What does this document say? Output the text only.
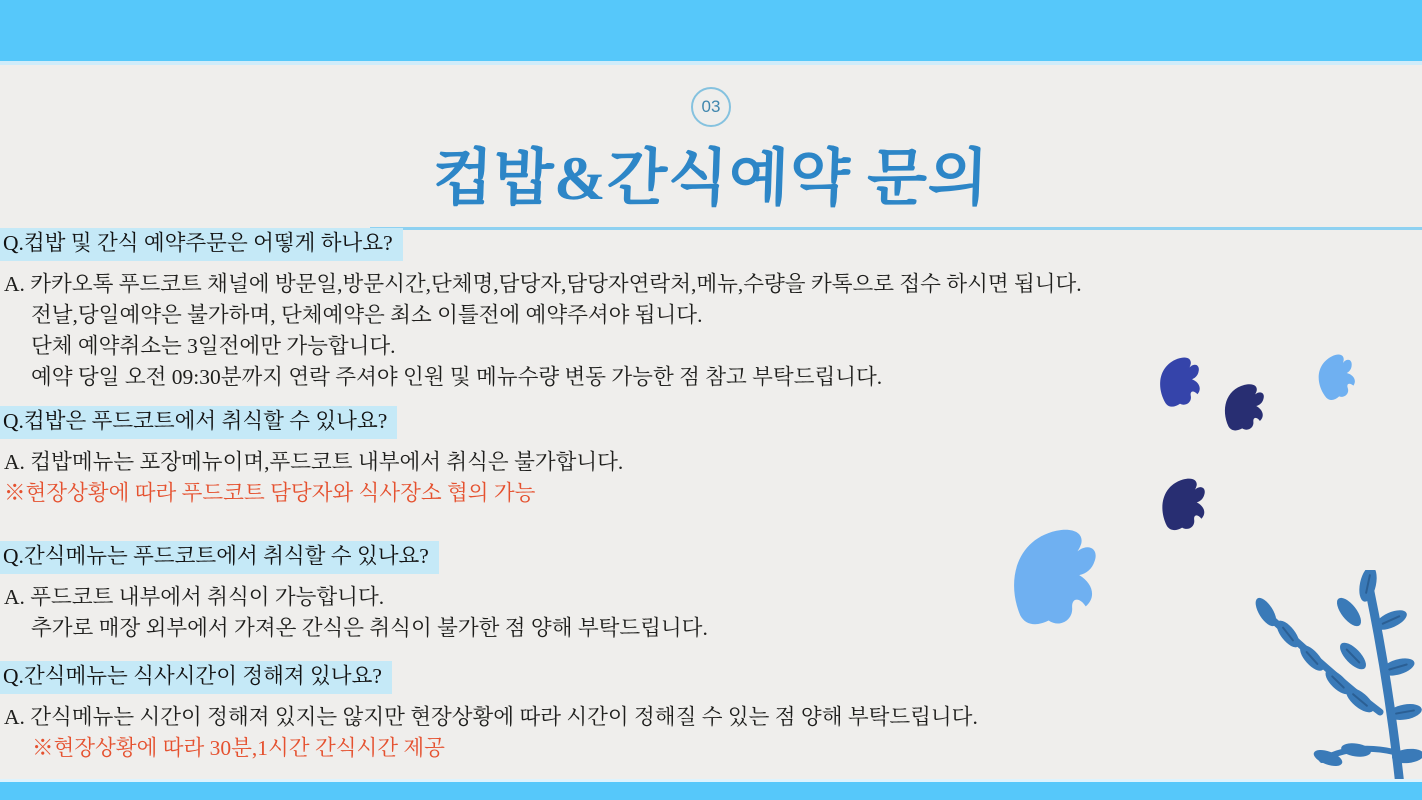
03
컵밥&간식예약 문의
Q.컵밥 및 간식 예약주문은 어떻게 하나요?
A. 카카오톡 푸드코트 채널에 방문일,방문시간,단체명,담당자,담당자연락처,메뉴,수량을 카톡으로 접수 하시면 됩니다.
전날,당일예약은 불가하며, 단체예약은 최소 이틀전에 예약주셔야 됩니다.
단체 예약취소는 3일전에만 가능합니다.
예약 당일 오전 09:30분까지 연락 주셔야 인원 및 메뉴수량 변동 가능한 점 참고 부탁드립니다.
Q.컵밥은 푸드코트에서 취식할 수 있나요?
A. 컵밥메뉴는 포장메뉴이며,푸드코트 내부에서 취식은 불가합니다.
※현장상황에 따라 푸드코트 담당자와 식사장소 협의 가능
Q.간식메뉴는 푸드코트에서 취식할 수 있나요?
A. 푸드코트 내부에서 취식이 가능합니다.
추가로 매장 외부에서 가져온 간식은 취식이 불가한 점 양해 부탁드립니다.
Q.간식메뉴는 식사시간이 정해져 있나요?
A. 간식메뉴는 시간이 정해져 있지는 않지만 현장상황에 따라 시간이 정해질 수 있는 점 양해 부탁드립니다.
※현장상황에 따라 30분,1시간 간식시간 제공
